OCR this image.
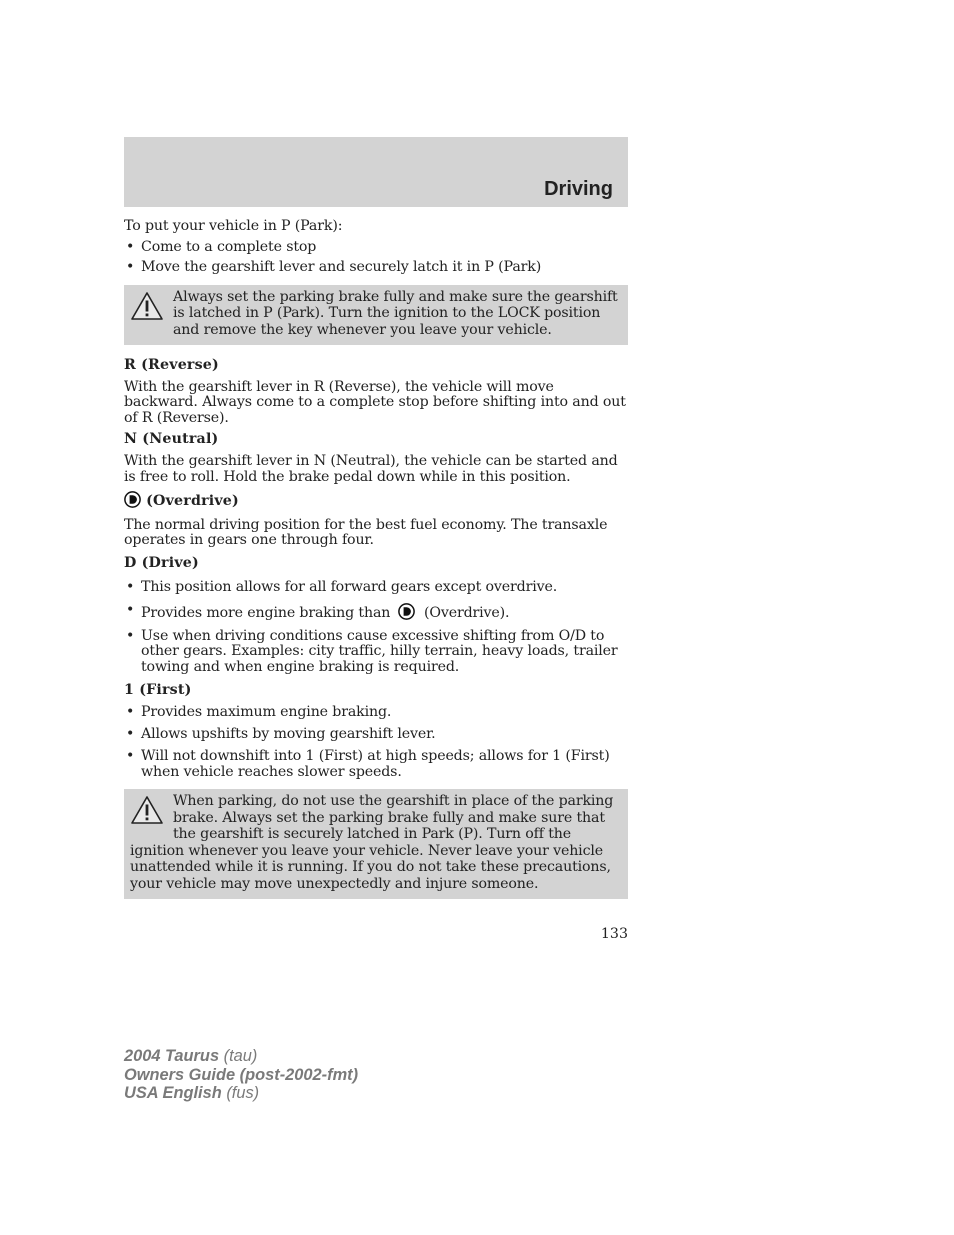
Driving

To put your vehicle in P (Park):

• Come to a complete stop
• Move the gearshift lever and securely latch it in P (Park)
Always set the parking brake fully and make sure the gearshift is latched in P (Park). Turn the ignition to the LOCK position and remove the key whenever you leave your vehicle.
R (Reverse)

With the gearshift lever in R (Reverse), the vehicle will move backward. Always come to a complete stop before shifting into and out of R (Reverse).

N (Neutral)

With the gearshift lever in N (Neutral), the vehicle can be started and is free to roll. Hold the brake pedal down while in this position.

(Overdrive)

The normal driving position for the best fuel economy. The transaxle operates in gears one through four.

D (Drive)
• This position allows for all forward gears except overdrive.
• Provides more engine braking than (Overdrive).
• Use when driving conditions cause excessive shifting from O/D to other gears. Examples: city traffic, hilly terrain, heavy loads, trailer towing and when engine braking is required.
1 (First)
• Provides maximum engine braking.
• Allows upshifts by moving gearshift lever.
• Will not downshift into 1 (First) at high speeds; allows for 1 (First) when vehicle reaches slower speeds.
When parking, do not use the gearshift in place of the parking brake. Always set the parking brake fully and make sure that the gearshift is securely latched in Park (P). Turn off the ignition whenever you leave your vehicle. Never leave your vehicle unattended while it is running. If you do not take these precautions, your vehicle may move unexpectedly and injure someone.
133
2004 Taurus (tau)
Owners Guide (post-2002-fmt)
USA English (fus)
